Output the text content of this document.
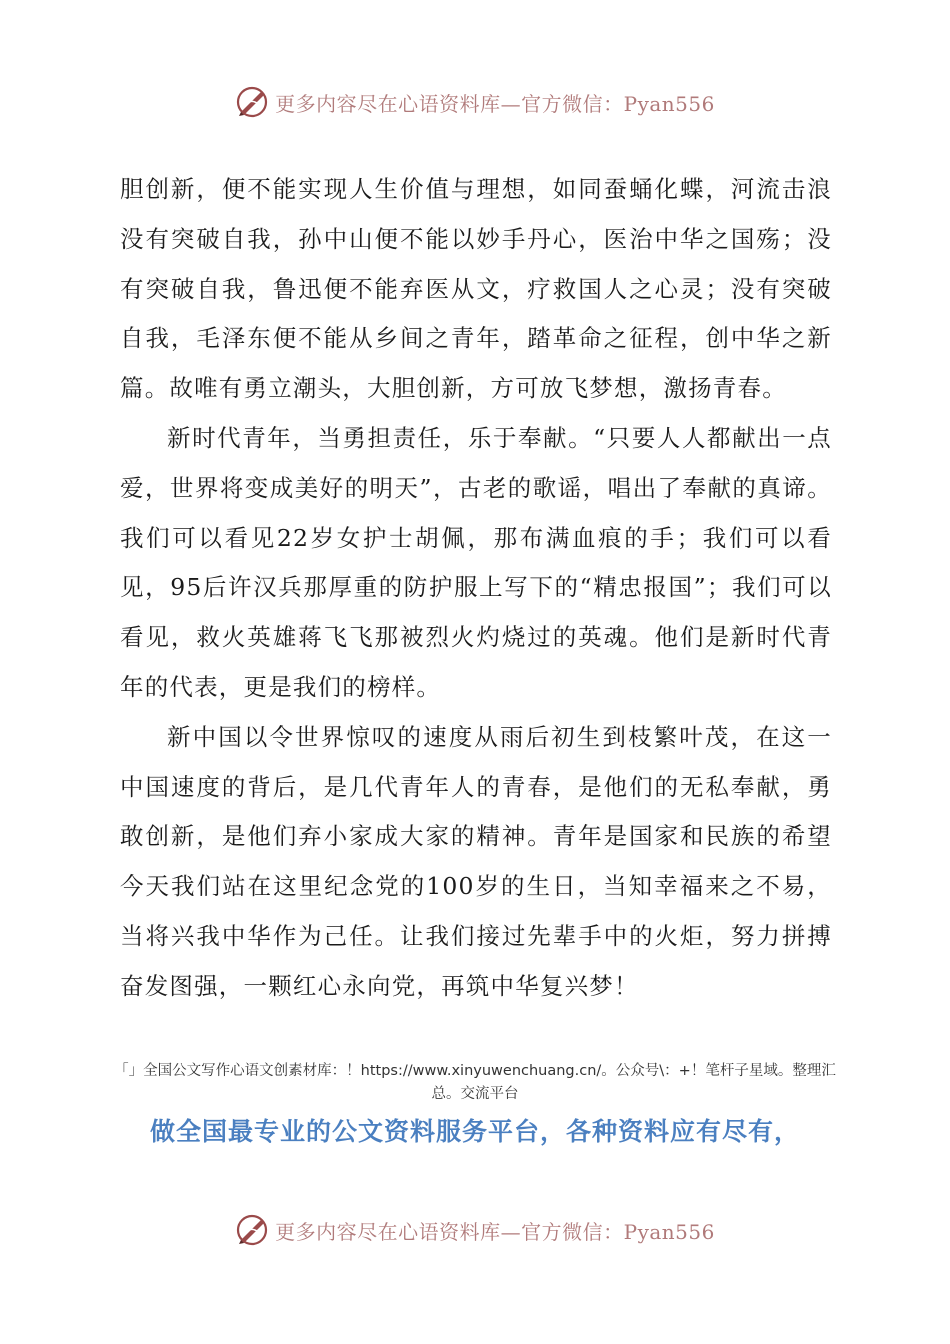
更多内容尽在心语资料库—官方微信：Pyan556

胆创新，便不能实现人生价值与理想，如同蚕蛹化蝶，河流击浪没有突破自我，孙中山便不能以妙手丹心，医治中华之国殇；没有突破自我，鲁迅便不能弃医从文，疗救国人之心灵；没有突破自我，毛泽东便不能从乡间之青年，踏革命之征程，创中华之新篇。故唯有勇立潮头，大胆创新，方可放飞梦想，激扬青春。

新时代青年，当勇担责任，乐于奉献。“只要人人都献出一点爱，世界将变成美好的明天”，古老的歌谣，唱出了奉献的真谛。我们可以看见22岁女护士胡佩，那布满血痕的手；我们可以看见，95后许汉兵那厚重的防护服上写下的“精忠报国”；我们可以看见，救火英雄蒋飞飞那被烈火灼烧过的英魂。他们是新时代青年的代表，更是我们的榜样。

新中国以令世界惊叹的速度从雨后初生到枝繁叶茂，在这一中国速度的背后，是几代青年人的青春，是他们的无私奉献，勇敢创新，是他们弃小家成大家的精神。青年是国家和民族的希望今天我们站在这里纪念党的100岁的生日，当知幸福来之不易，当将兴我中华作为己任。让我们接过先辈手中的火炬，努力拼搏奋发图强，一颗红心永向党，再筑中华复兴梦！

「」全国公文写作心语文创素材库：！https://www.xinyuwenchuang.cn/。公众号\：+！笔杆子星域。整理汇总。交流平台
做全国最专业的公文资料服务平台，各种资料应有尽有，
更多内容尽在心语资料库—官方微信：Pyan556
